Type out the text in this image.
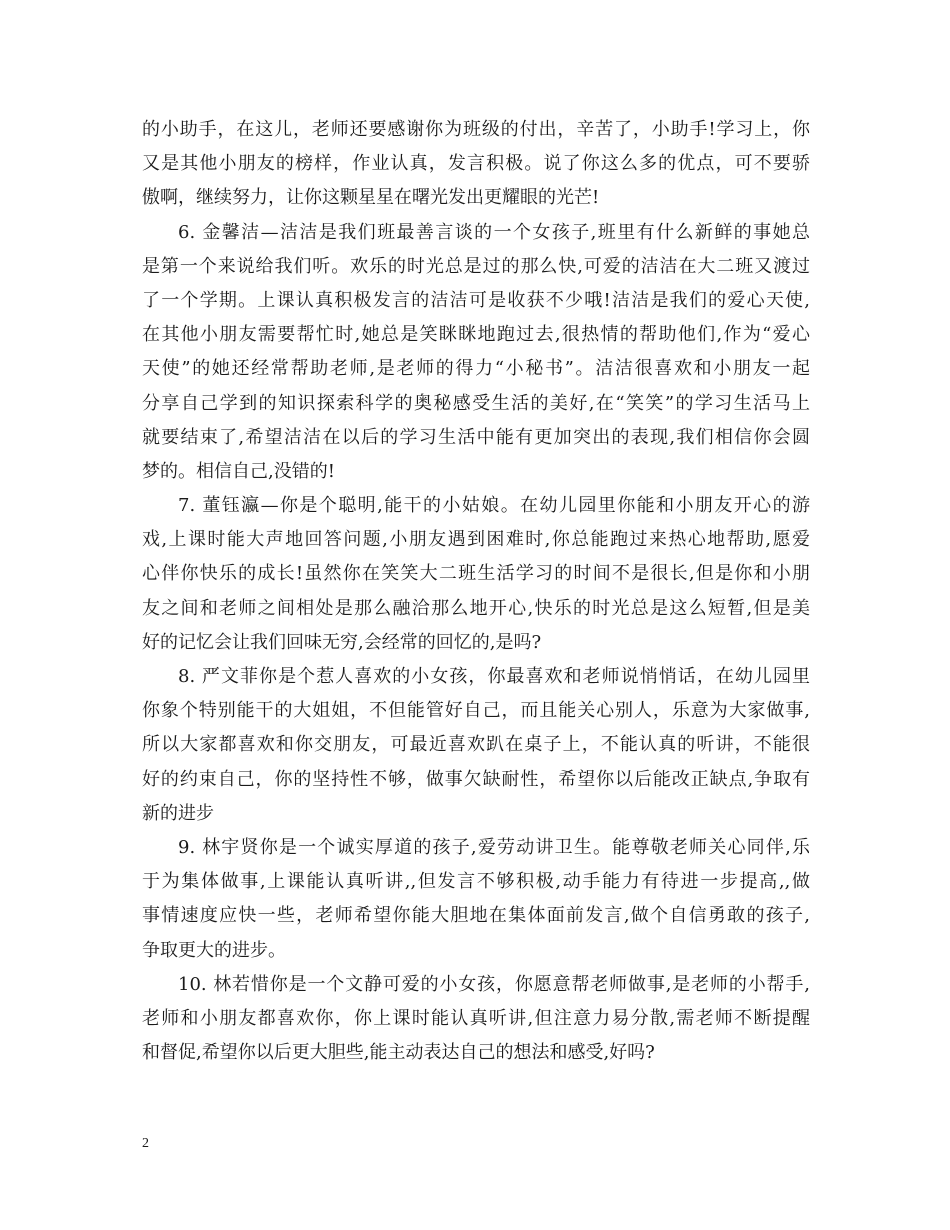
的小助手，在这儿，老师还要感谢你为班级的付出，辛苦了，小助手!学习上，你
又是其他小朋友的榜样，作业认真，发言积极。说了你这么多的优点，可不要骄
傲啊，继续努力，让你这颗星星在曙光发出更耀眼的光芒!
6. 金馨洁—洁洁是我们班最善言谈的一个女孩子,班里有什么新鲜的事她总
是第一个来说给我们听。欢乐的时光总是过的那么快,可爱的洁洁在大二班又渡过
了一个学期。上课认真积极发言的洁洁可是收获不少哦!洁洁是我们的爱心天使,
在其他小朋友需要帮忙时,她总是笑眯眯地跑过去,很热情的帮助他们,作为“爱心
天使”的她还经常帮助老师,是老师的得力“小秘书”。洁洁很喜欢和小朋友一起
分享自己学到的知识探索科学的奥秘感受生活的美好,在“笑笑”的学习生活马上
就要结束了,希望洁洁在以后的学习生活中能有更加突出的表现,我们相信你会圆
梦的。相信自己,没错的!
7. 董钰瀛—你是个聪明,能干的小姑娘。在幼儿园里你能和小朋友开心的游
戏,上课时能大声地回答问题,小朋友遇到困难时,你总能跑过来热心地帮助,愿爱
心伴你快乐的成长!虽然你在笑笑大二班生活学习的时间不是很长,但是你和小朋
友之间和老师之间相处是那么融洽那么地开心,快乐的时光总是这么短暂,但是美
好的记忆会让我们回味无穷,会经常的回忆的,是吗?
8. 严文菲你是个惹人喜欢的小女孩，你最喜欢和老师说悄悄话，在幼儿园里
你象个特别能干的大姐姐，不但能管好自己，而且能关心别人，乐意为大家做事,
所以大家都喜欢和你交朋友，可最近喜欢趴在桌子上，不能认真的听讲，不能很
好的约束自己，你的坚持性不够，做事欠缺耐性，希望你以后能改正缺点,争取有
新的进步
9. 林宇贤你是一个诚实厚道的孩子,爱劳动讲卫生。能尊敬老师关心同伴,乐
于为集体做事,上课能认真听讲,,但发言不够积极,动手能力有待进一步提高,,做
事情速度应快一些，老师希望你能大胆地在集体面前发言,做个自信勇敢的孩子,
争取更大的进步。
10. 林若惜你是一个文静可爱的小女孩，你愿意帮老师做事,是老师的小帮手,
老师和小朋友都喜欢你，你上课时能认真听讲,但注意力易分散,需老师不断提醒
和督促,希望你以后更大胆些,能主动表达自己的想法和感受,好吗?
2
